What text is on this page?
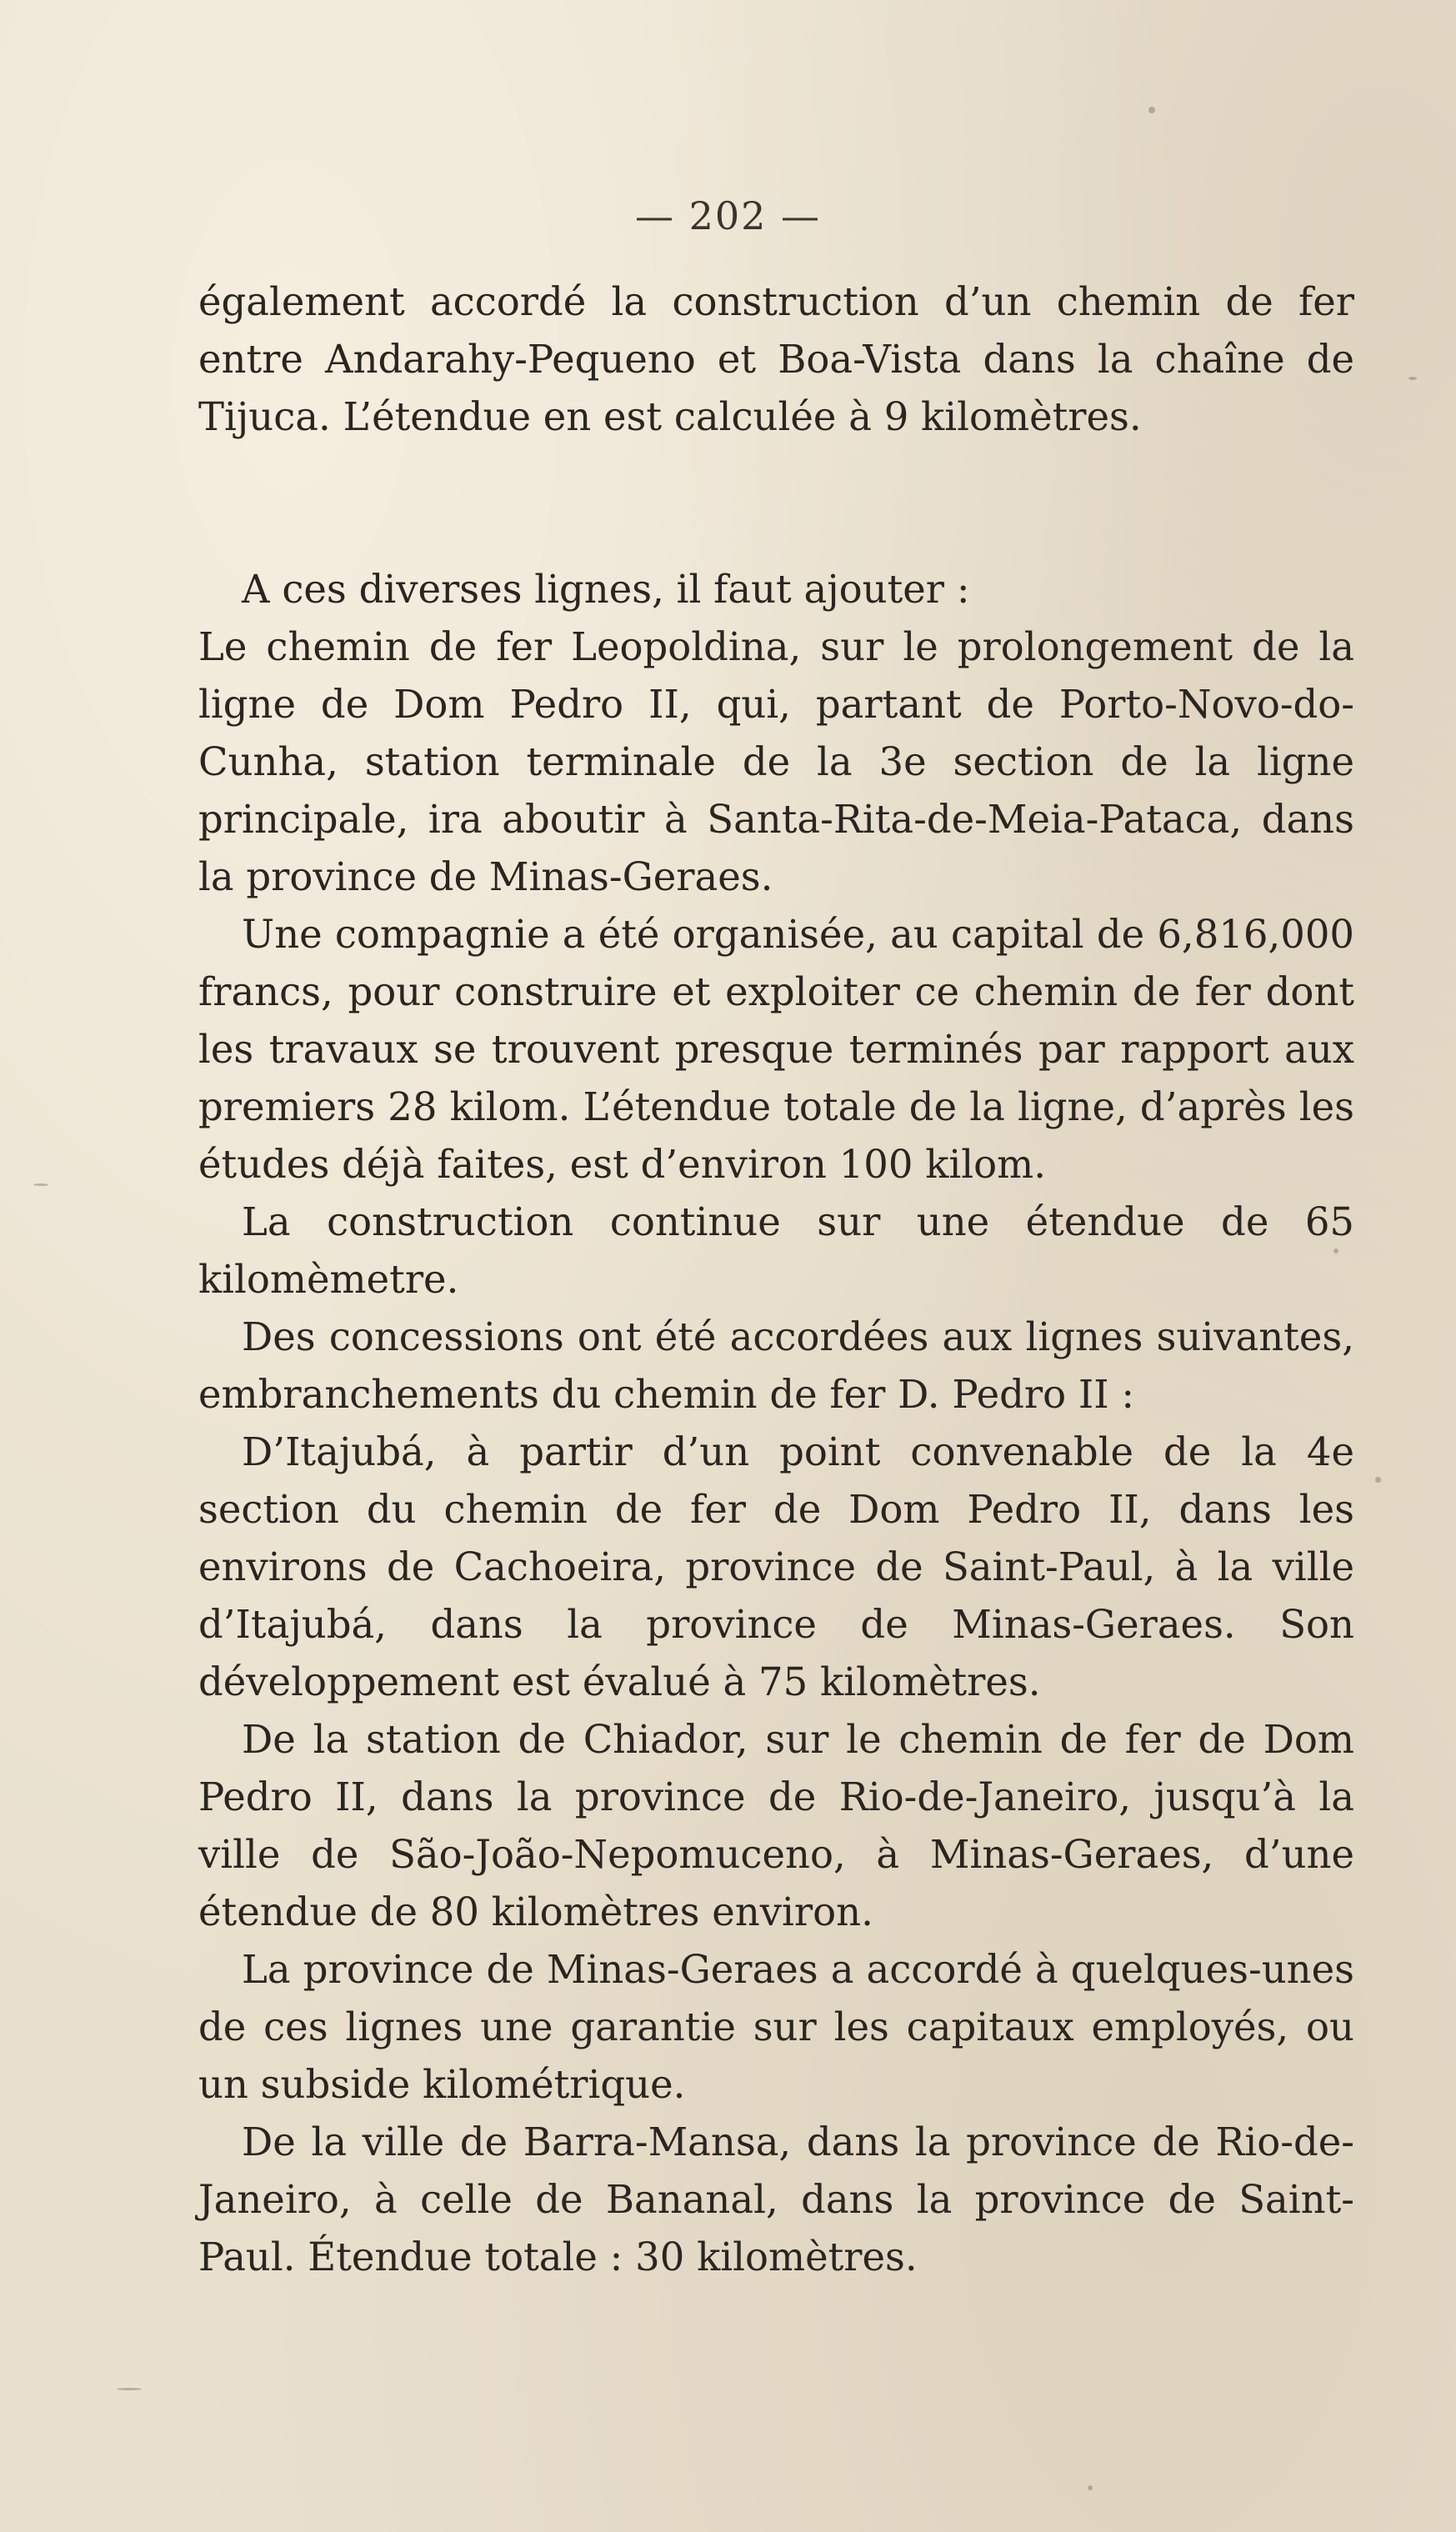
— 202 —

également accordé la construction d’un chemin de fer entre Andarahy-Pequeno et Boa-Vista dans la chaîne de Tijuca. L’étendue en est calculée à 9 kilomètres.

A ces diverses lignes, il faut ajouter :

Le chemin de fer Leopoldina, sur le prolongement de la ligne de Dom Pedro II, qui, partant de Porto-Novo-do-Cunha, station terminale de la 3e section de la ligne principale, ira aboutir à Santa-Rita-de-Meia-Pataca, dans la province de Minas-Geraes.

Une compagnie a été organisée, au capital de 6,816,000 francs, pour construire et exploiter ce chemin de fer dont les travaux se trouvent presque terminés par rapport aux premiers 28 kilom. L’étendue totale de la ligne, d’après les études déjà faites, est d’environ 100 kilom.

La construction continue sur une étendue de 65 kilomèmetre.

Des concessions ont été accordées aux lignes suivantes, embranchements du chemin de fer D. Pedro II :

D’Itajubá, à partir d’un point convenable de la 4e section du chemin de fer de Dom Pedro II, dans les environs de Cachoeira, province de Saint-Paul, à la ville d’Itajubá, dans la province de Minas-Geraes. Son développement est évalué à 75 kilomètres.

De la station de Chiador, sur le chemin de fer de Dom Pedro II, dans la province de Rio-de-Janeiro, jusqu’à la ville de São-João-Nepomuceno, à Minas-Geraes, d’une étendue de 80 kilomètres environ.

La province de Minas-Geraes a accordé à quelques-unes de ces lignes une garantie sur les capitaux employés, ou un subside kilométrique.

De la ville de Barra-Mansa, dans la province de Rio-de-Janeiro, à celle de Bananal, dans la province de Saint-Paul. Étendue totale : 30 kilomètres.
